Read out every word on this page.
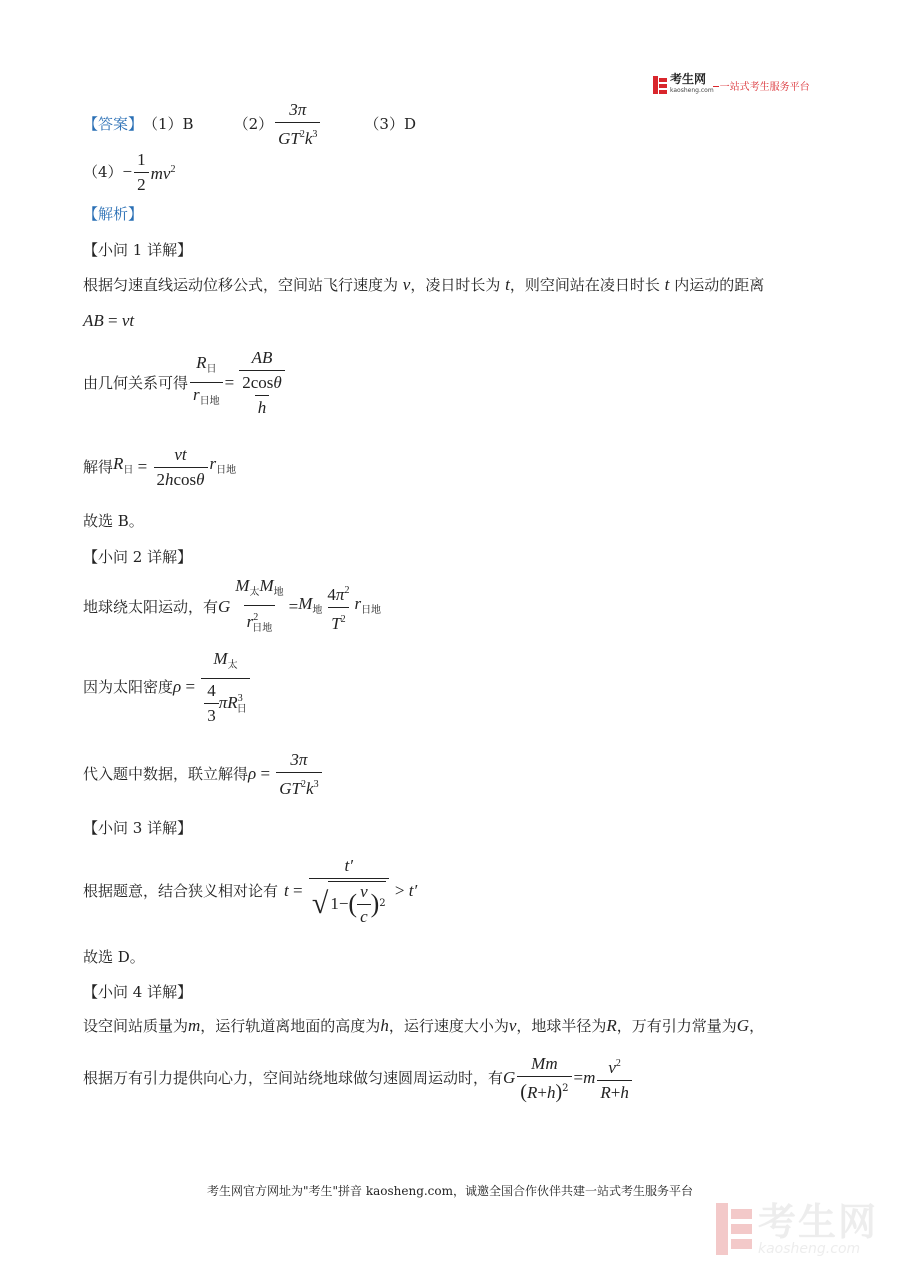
考生网
kaosheng.com 一站式考生服务平台
【答案】 （1）B	$(2) \frac{3\pi}{GT^2k^3}$	（3）D
$(4) - \frac{1}{2} mv^2$
【解析】
【小问 1 详解】
根据匀速直线运动位移公式，空间站飞行速度为 v，凌日时长为 t，则空间站在凌日时长 t 内运动的距离
AB = vt
由几何关系可得 $\frac{R_日}{r_{日地}} = \frac{\frac{AB}{2\cos\theta}}{h}$
解得 $R_日 = \frac{vt}{2hcos\theta} r_{日地}$
故选 B。
【小问 2 详解】
地球绕太阳运动，有 G $\frac{M_太M_地}{r^2_{日地}} = M_地 \frac{4\pi^2}{T^2} r_{日地}$
因为太阳密度 $\rho = \frac{M_太}{\frac{4}{3} \pi R^3_日}$
代入题中数据，联立解得 $\rho = \frac{3\pi}{GT^2k^3}$
【小问 3 详解】
根据题意，结合狭义相对论有 t =
t′
√ 1− ( $\frac{v}{c}$ ) 2
> t′
故选 D。
【小问 4 详解】
设空间站质量为m，运行轨道离地面的高度为h，运行速度大小为v，地球半径为R，万有引力常量为G，
根据万有引力提供向心力，空间站绕地球做匀速圆周运动时，有 G $\frac{Mm}{(R+h)^2} = m \frac{v^2}{R+h}$
考生网官方网址为"考生"拼音 kaosheng.com，诚邀全国合作伙伴共建一站式考生服务平台
考生网
kaosheng.com
